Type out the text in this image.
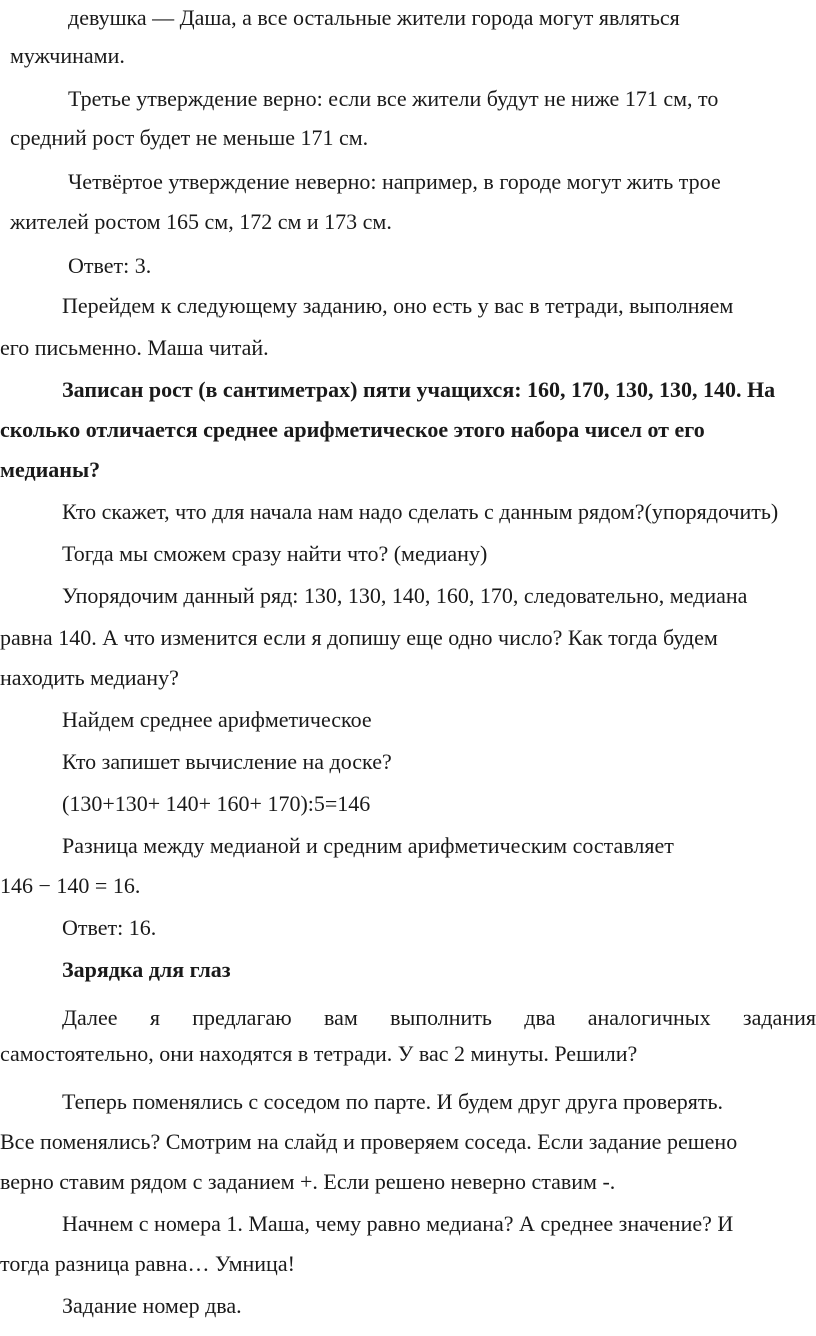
девушка — Даша, а все остальные жители города могут являться
мужчинами.
Третье утверждение верно: если все жители будут не ниже 171 см, то
средний рост будет не меньше 171 см.
Четвёртое утверждение неверно: например, в городе могут жить трое
жителей ростом 165 см, 172 см и 173 см.
Ответ: 3.
Перейдем к следующему заданию, оно есть у вас в тетради, выполняем
его письменно. Маша читай.
Записан рост (в сантиметрах) пяти учащихся: 160, 170, 130, 130, 140. На
сколько отличается среднее арифметическое этого набора чисел от его
медианы?
Кто скажет, что для начала нам надо сделать с данным рядом?(упорядочить)
Тогда мы сможем сразу найти что? (медиану)
Упорядочим данный ряд: 130, 130, 140, 160, 170, следовательно, медиана
равна 140. А что изменится если я допишу еще одно число? Как тогда будем
находить медиану?
Найдем среднее арифметическое
Кто запишет вычисление на доске?
(130+130+ 140+ 160+ 170):5=146
Разница между медианой и средним арифметическим составляет
146 − 140 = 16.
Ответ: 16.
Зарядка для глаз
Далее я предлагаю вам выполнить два аналогичных задания
самостоятельно, они находятся в тетради. У вас 2 минуты. Решили?
Теперь поменялись с соседом по парте. И будем друг друга проверять.
Все поменялись? Смотрим на слайд и проверяем соседа. Если задание решено
верно ставим рядом с заданием +. Если решено неверно ставим -.
Начнем с номера 1. Маша, чему равно медиана? А среднее значение? И
тогда разница равна… Умница!
Задание номер два.
